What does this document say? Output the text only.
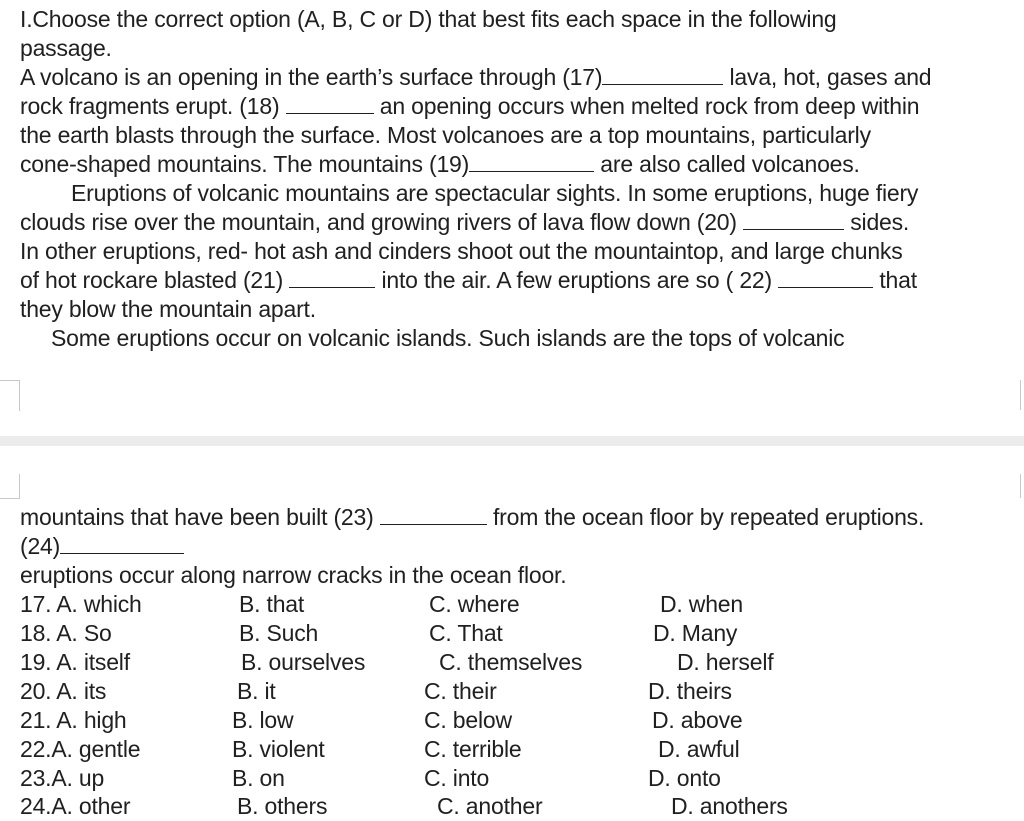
I.Choose the correct option (A, B, C or D) that best fits each space in the following
passage.
A volcano is an opening in the earth’s surface through (17)	lava, hot, gases and
rock fragments erupt. (18)	an opening occurs when melted rock from deep within
the earth blasts through the surface. Most volcanoes are a top mountains, particularly
cone-shaped mountains. The mountains (19)	are also called volcanoes.
Eruptions of volcanic mountains are spectacular sights. In some eruptions, huge fiery
clouds rise over the mountain, and growing rivers of lava flow down (20)	sides.
In other eruptions, red- hot ash and cinders shoot out the mountaintop, and large chunks
of hot rockare blasted (21)	into the air. A few eruptions are so ( 22)	that
they blow the mountain apart.
Some eruptions occur on volcanic islands. Such islands are the tops of volcanic
mountains that have been built (23)	from the ocean floor by repeated eruptions.
(24)
eruptions occur along narrow cracks in the ocean floor.
17. A. which	B. that	C. where	D. when
18. A. So	B. Such	C. That	D. Many
19. A. itself	B. ourselves	C. themselves	D. herself
20. A. its	B. it	C. their	D. theirs
21. A. high	B. low	C. below	D. above
22.A. gentle	B. violent	C. terrible	D. awful
23.A. up	B. on	C. into	D. onto
24.A. other	B. others	C. another	D. anothers
